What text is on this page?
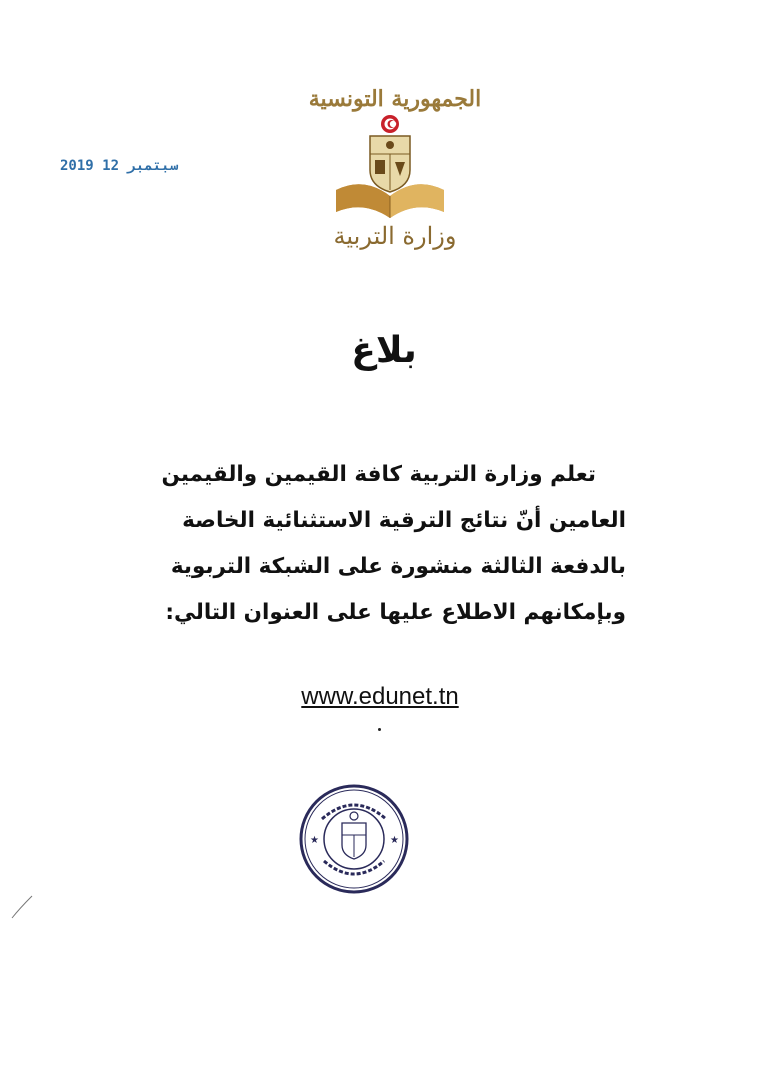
الجمهورية التونسية
وزارة التربية
2019 12 سبتمبر
بلاغ
تعلم وزارة التربية كافة القيمين والقيمين
العامين أنّ نتائج الترقية الاستثنائية الخاصة
بالدفعة الثالثة منشورة على الشبكة التربوية
وبإمكانهم الاطلاع عليها على العنوان التالي:
www.edunet.tn
★	★
